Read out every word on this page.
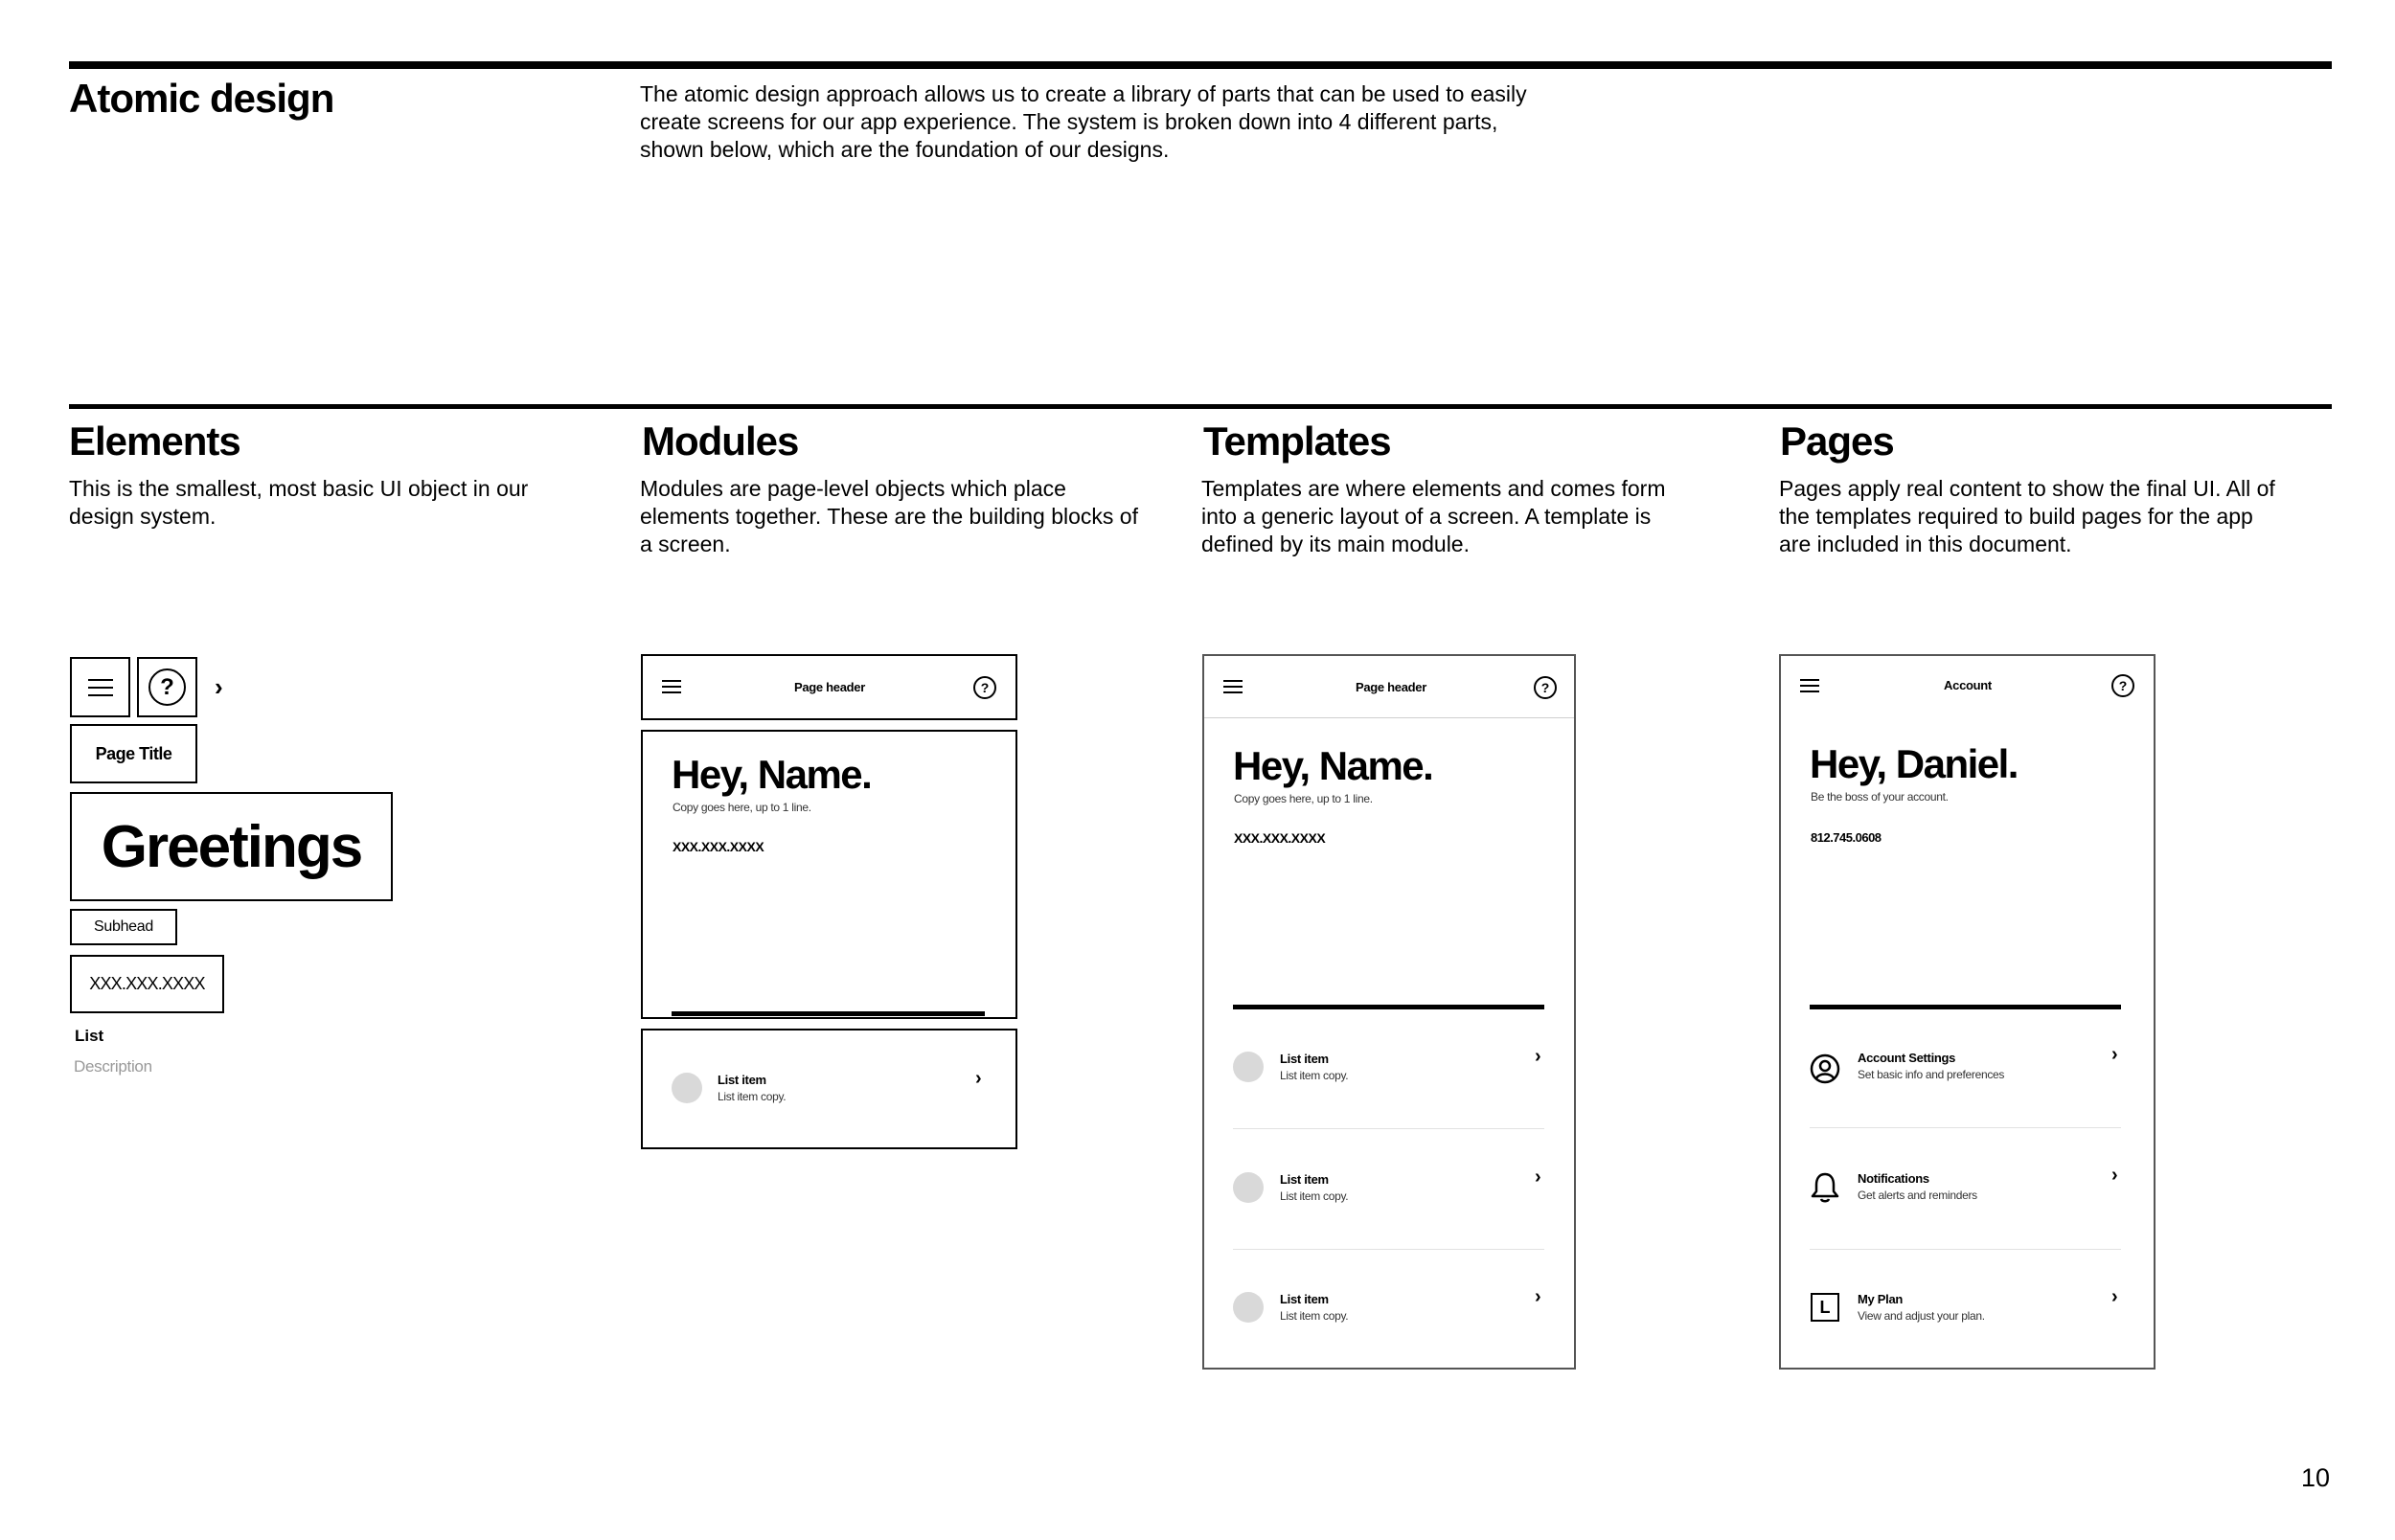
Atomic design	The atomic design approach allows us to create a library of parts that can be used to easily create screens for our app experience. The system is broken down into 4 different parts, shown below, which are the foundation of our designs.
Elements
This is the smallest, most basic UI object in our design system.
Modules
Modules are page-level objects which place elements together. These are the building blocks of a screen.
Templates
Templates are where elements and comes form into a generic layout of a screen. A template is defined by its main module.
Pages
Pages apply real content to show the final UI. All of the templates required to build pages for the app are included in this document.
?	›
Page Title
Greetings
Subhead
XXX.XXX.XXXX
List
Description
Page header	?
Hey, Name.
Copy goes here, up to 1 line.
XXX.XXX.XXXX
List item
List item copy.
›
Page header	?
Hey, Name.
Copy goes here, up to 1 line.
XXX.XXX.XXXX
List item
List item copy.
›
List item
List item copy.
›
List item
List item copy.
›
Account	?
Hey, Daniel.
Be the boss of your account.
812.745.0608
Account Settings
Set basic info and preferences
›
Notifications
Get alerts and reminders
›
L	My Plan
View and adjust your plan.
›
10
